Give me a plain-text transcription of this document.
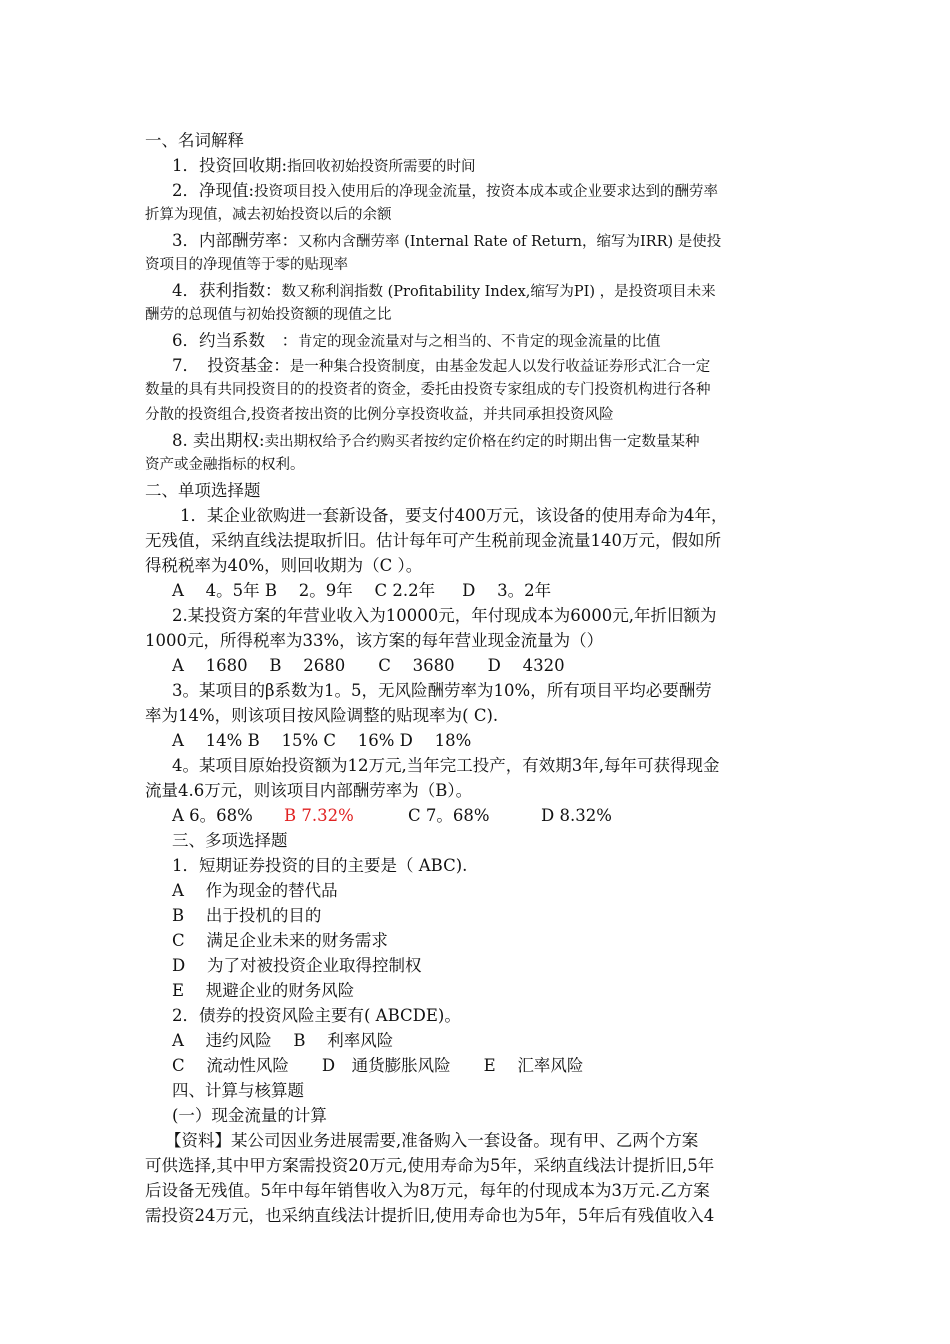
一、名词解释
1．投资回收期:指回收初始投资所需要的时间
2．净现值:投资项目投入使用后的净现金流量，按资本成本或企业要求达到的酬劳率
折算为现值，减去初始投资以后的余额
3．内部酬劳率：又称内含酬劳率 (Internal Rate of Return，缩写为IRR) 是使投
资项目的净现值等于零的贴现率
4．获利指数：数又称利润指数 (Profitability Index,缩写为PI) ，是投资项目未来
酬劳的总现值与初始投资额的现值之比
6．约当系数　：肯定的现金流量对与之相当的、不肯定的现金流量的比值
7．　投资基金：是一种集合投资制度，由基金发起人以发行收益证券形式汇合一定
数量的具有共同投资目的的投资者的资金，委托由投资专家组成的专门投资机构进行各种
分散的投资组合,投资者按出资的比例分享投资收益，并共同承担投资风险
8. 卖出期权:卖出期权给予合约购买者按约定价格在约定的时期出售一定数量某种
资产或金融指标的权利。
二、单项选择题
1．某企业欲购进一套新设备，要支付400万元，该设备的使用寿命为4年，
无残值，采纳直线法提取折旧。估计每年可产生税前现金流量140万元，假如所
得税税率为40%，则回收期为（C ）。
A　 4。5年 B　 2。9年　 C 2.2年 　 D　 3。2年
2.某投资方案的年营业收入为10000元，年付现成本为6000元,年折旧额为
1000元，所得税率为33%，该方案的每年营业现金流量为（）
A　 1680　 B　 2680　　C　 3680　　D　 4320
3。某项目的β系数为1。5，无风险酬劳率为10%，所有项目平均必要酬劳
率为14%，则该项目按风险调整的贴现率为( C).
A　 14% B　 15% C　 16% D　 18%
4。某项目原始投资额为12万元,当年完工投产，有效期3年,每年可获得现金
流量4.6万元，则该项目内部酬劳率为（B）。
A 6。68% B 7.32%	C 7。68%	D 8.32%
三、多项选择题
1．短期证券投资的目的主要是（ ABC).
A　 作为现金的替代品
B　 出于投机的目的
C　 满足企业未来的财务需求
D　 为了对被投资企业取得控制权
E　 规避企业的财务风险
2．债券的投资风险主要有( ABCDE)。
A　 违约风险　 B　 利率风险
C　 流动性风险　　D　通货膨胀风险　　E　 汇率风险
四、计算与核算题
(一）现金流量的计算
【资料】某公司因业务进展需要,准备购入一套设备。现有甲、乙两个方案
可供选择,其中甲方案需投资20万元,使用寿命为5年，采纳直线法计提折旧,5年
后设备无残值。5年中每年销售收入为8万元，每年的付现成本为3万元.乙方案
需投资24万元，也采纳直线法计提折旧,使用寿命也为5年，5年后有残值收入4
